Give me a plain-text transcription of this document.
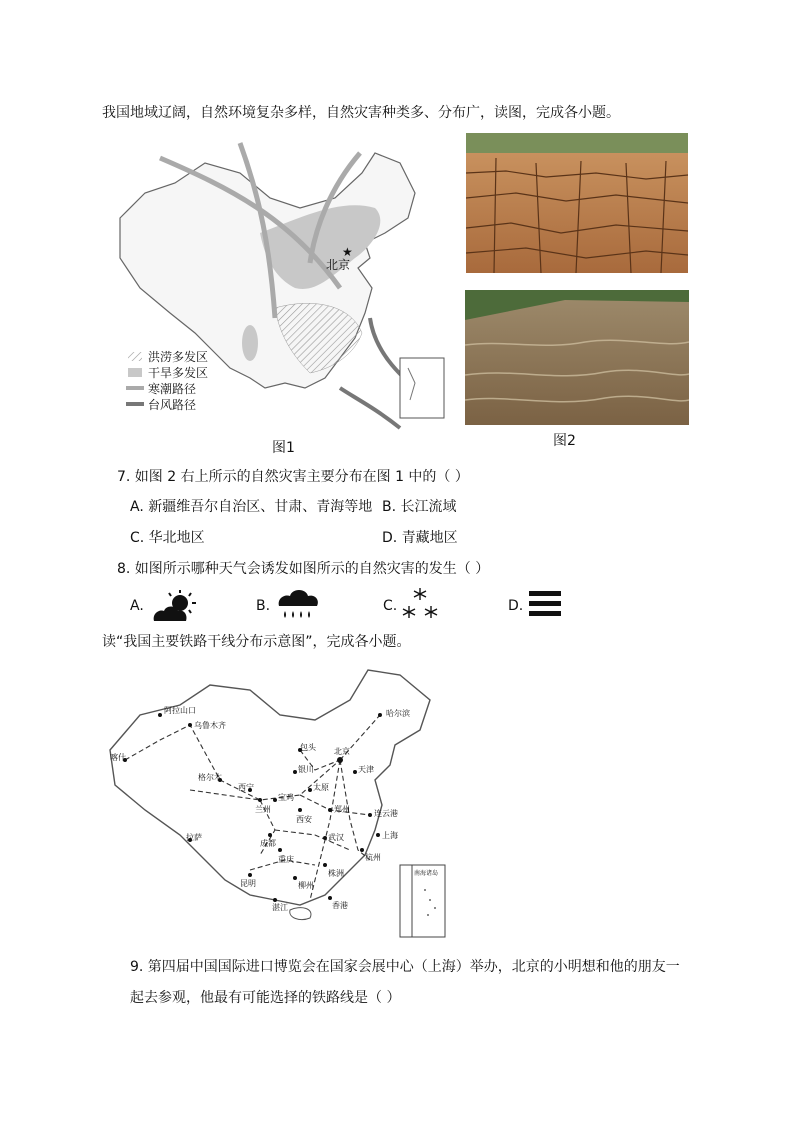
我国地域辽阔，自然环境复杂多样，自然灾害种类多、分布广，读图，完成各小题。
★
北京
洪涝多发区
干旱多发区
寒潮路径
台风路径
图1	图2
7. 如图 2 右上所示的自然灾害主要分布在图 1 中的（ ）
A. 新疆维吾尔自治区、甘肃、青海等地 B. 长江流域
C. 华北地区	D. 青藏地区
8. 如图所示哪种天气会诱发如图所示的自然灾害的发生（ ）
A.	B.	C.	D.
读“我国主要铁路干线分布示意图”，完成各小题。
阿拉山口
乌鲁木齐
喀什
哈尔滨
北京
包头
银川	天津
格尔木
西宁
兰州
宝鸡
太原
连云港
拉萨
西安
郑州
成都
重庆
武汉	上海
杭州
昆明	柳州
株洲
湛江	香港
南海诸岛
9. 第四届中国国际进口博览会在国家会展中心（上海）举办，北京的小明想和他的朋友一
起去参观，他最有可能选择的铁路线是（ ）
